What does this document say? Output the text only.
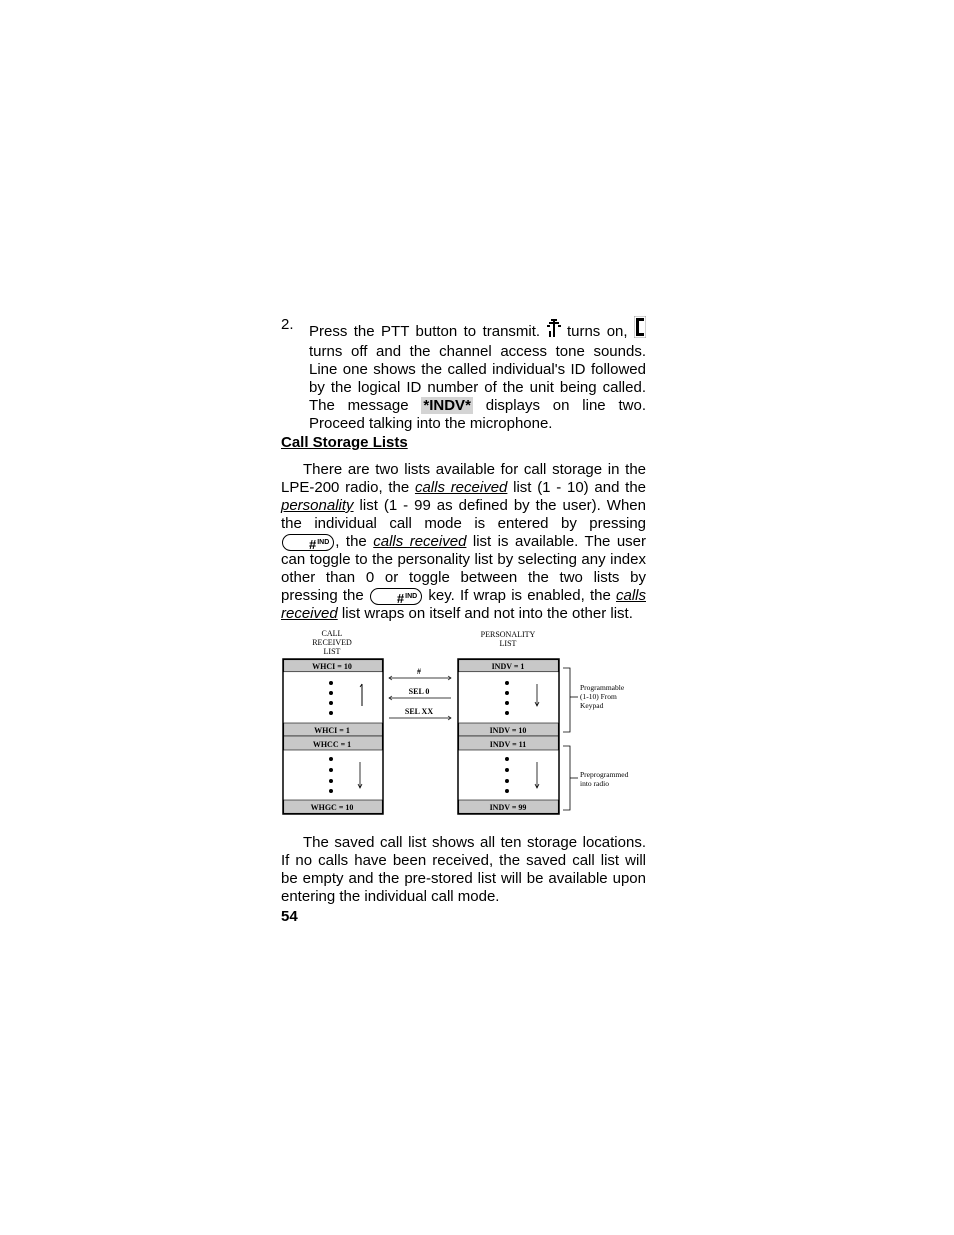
2. Press the PTT button to transmit. turns on,  turns off and the channel access tone sounds. Line one shows the called individual's ID followed by the logical ID number of the unit being called. The message *INDV* displays on line two. Proceed talking into the microphone.
Call Storage Lists

There are two lists available for call storage in the LPE-200 radio, the calls received list (1 - 10) and the personality list (1 - 99 as defined by the user). When the individual call mode is entered by pressing #$^{IND}$ , the calls received list is available. The user can toggle to the personality list by selecting any index other than 0 or toggle between the two lists by pressing the	#$^{IND}$ key. If wrap is enabled, the calls received list wraps on itself and not into the other list.

CALL
RECEIVED
LIST
PERSONALITY
LIST
WHCI = 10
WHCI = 1
WHCC = 1
WHGC = 10
#
SEL 0
SEL XX
INDV = 1
INDV = 10
INDV = 11
INDV = 99
Programmable
(1-10) From
Keypad
Preprogrammed
into radio

The saved call list shows all ten storage locations. If no calls have been received, the saved call list will be empty and the pre-stored list will be available upon entering the individual call mode.

54
